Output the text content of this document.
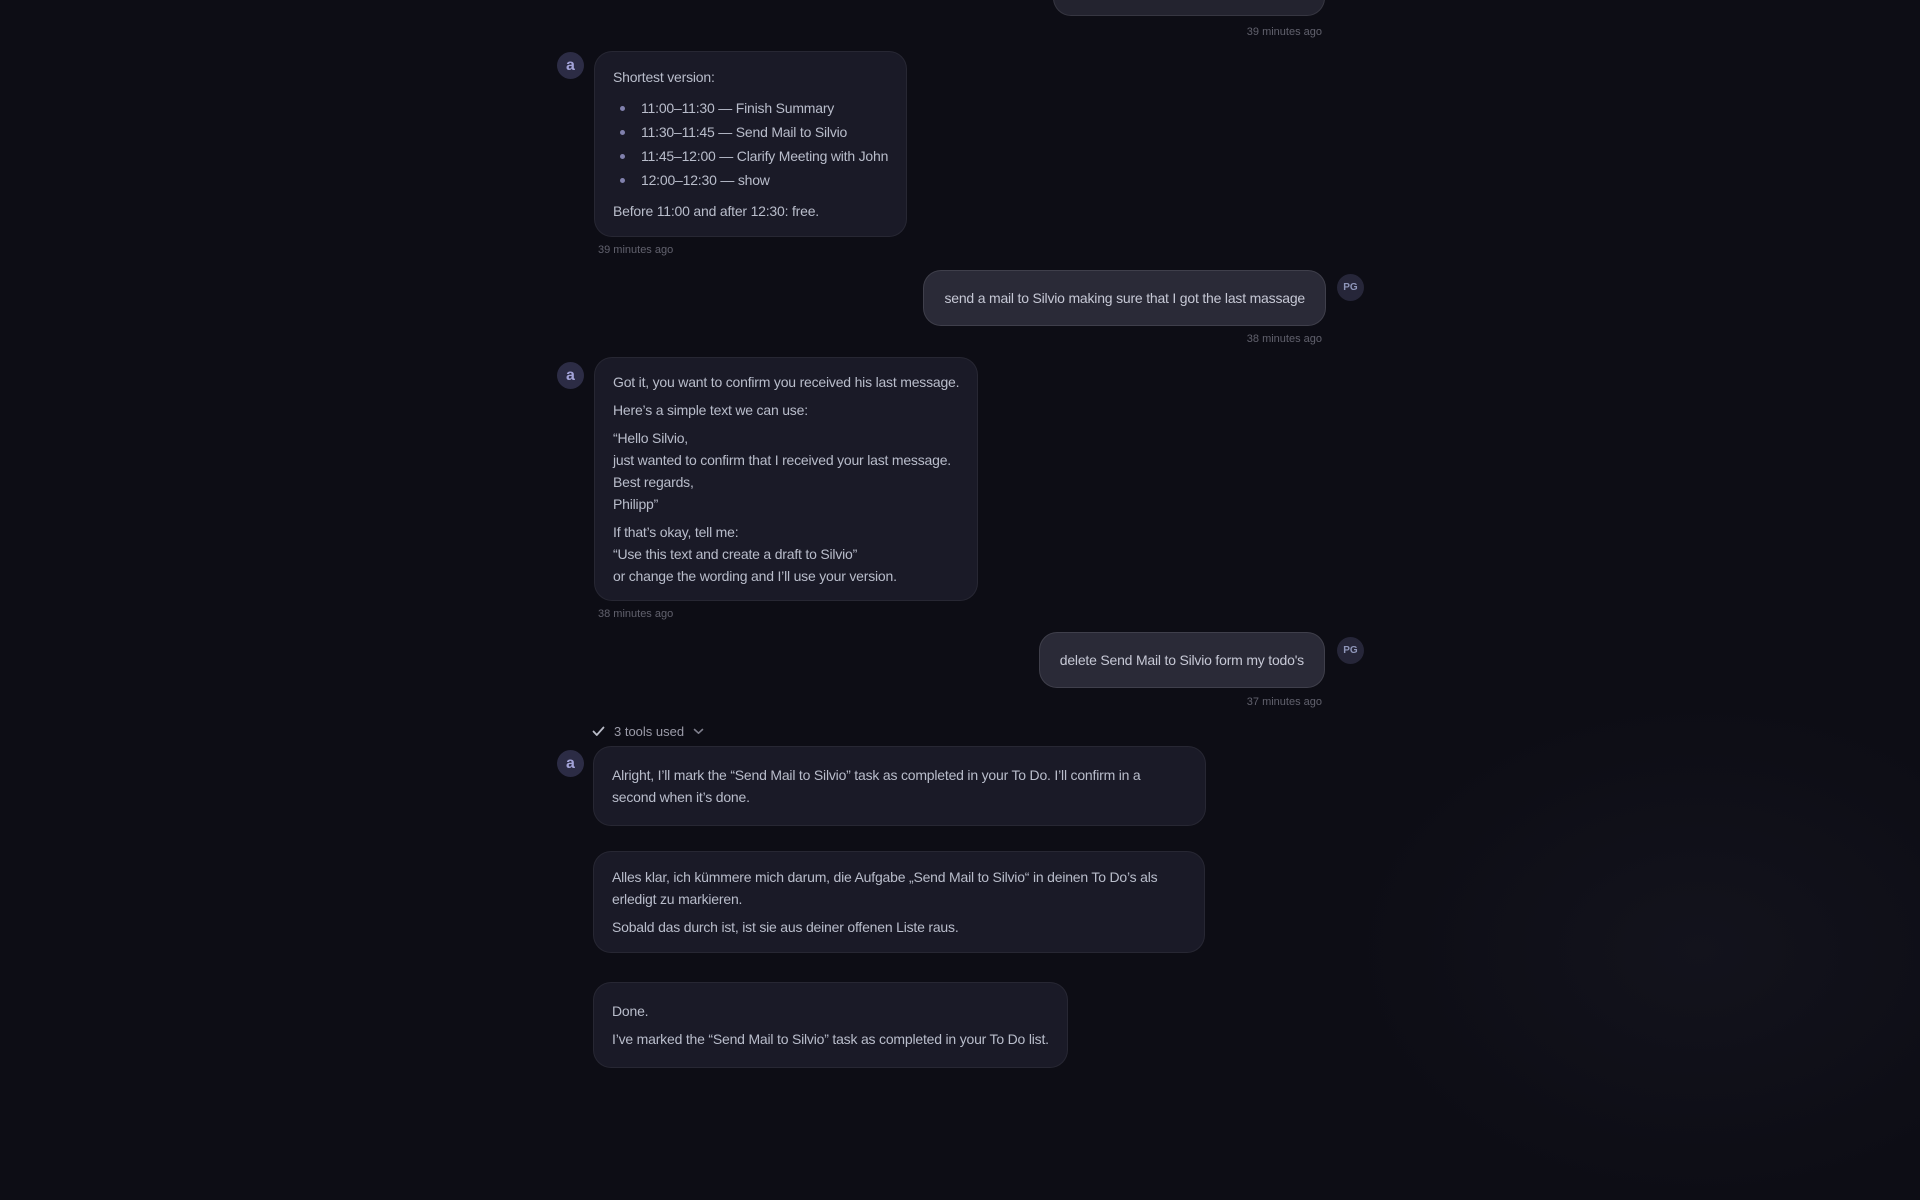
39 minutes ago
a
Shortest version:
11:00–11:30 — Finish Summary
11:30–11:45 — Send Mail to Silvio
11:45–12:00 — Clarify Meeting with John
12:00–12:30 — show
Before 11:00 and after 12:30: free.
39 minutes ago
send a mail to Silvio making sure that I got the last massage
PG
38 minutes ago
a	Got it, you want to confirm you received his last message.
Here’s a simple text we can use:
“Hello Silvio,
just wanted to confirm that I received your last message.
Best regards,
Philipp”
If that’s okay, tell me:
“Use this text and create a draft to Silvio”
or change the wording and I’ll use your version.
38 minutes ago
delete Send Mail to Silvio form my todo's
PG
37 minutes ago
3 tools used
a
Alright, I’ll mark the “Send Mail to Silvio” task as completed in your To Do. I’ll confirm in a second when it’s done.
Alles klar, ich kümmere mich darum, die Aufgabe „Send Mail to Silvio“ in deinen To Do’s als erledigt zu markieren.
Sobald das durch ist, ist sie aus deiner offenen Liste raus.
Done.
I’ve marked the “Send Mail to Silvio” task as completed in your To Do list.
